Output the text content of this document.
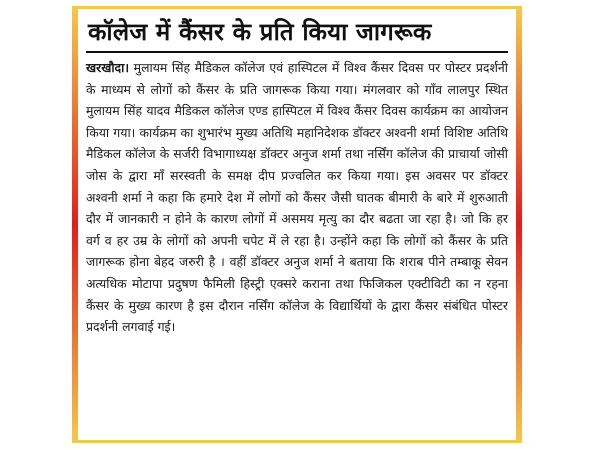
कॉलेज में कैंसर के प्रति किया जागरूक

खरखौदा। मुलायम सिंह मैडिकल कॉलेज एवं हास्पिटल में विश्व कैंसर दिवस पर पोस्टर प्रदर्शनी के माध्यम से लोगों को कैंसर के प्रति जागरूक किया गया। मंगलवार को गाँव लालपुर स्थित मुलायम सिंह यादव मैडिकल कॉलेज एण्ड हास्पिटल में विश्व कैंसर दिवस कार्यक्रम का आयोजन किया गया। कार्यक्रम का शुभारंभ मुख्य अतिथि महानिदेशक डॉक्टर अश्वनी शर्मा विशिष्ट अतिथि मैडिकल कॉलेज के सर्जरी विभागाध्यक्ष डॉक्टर अनुज शर्मा तथा नर्सिंग कॉलेज की प्राचार्या जोसी जोस के द्वारा माँ सरस्वती के समक्ष दीप प्रज्वलित कर किया गया। इस अवसर पर डॉक्टर अश्वनी शर्मा ने कहा कि हमारे देश में लोगों को कैंसर जैसी घातक बीमारी के बारे में शुरुआती दौर में जानकारी न होने के कारण लोगों में असमय मृत्यु का दौर बढता जा रहा है। जो कि हर वर्ग व हर उम्र के लोगों को अपनी चपेट में ले रहा है। उन्होंने कहा कि लोगों को कैंसर के प्रति जागरूक होना बेहद जरुरी है । वहीं डॉक्टर अनुज शर्मा ने बताया कि शराब पीने तम्बाकू सेवन अत्यधिक मोटापा प्रदुषण फैमिली हिस्ट्री एक्सरे कराना तथा फिजिकल एक्टीविटी का न रहना कैंसर के मुख्य कारण है इस दौरान नर्सिंग कॉलेज के विद्यार्थियों के द्वारा कैंसर संबंधित पोस्टर प्रदर्शनी लगवाई गई।
